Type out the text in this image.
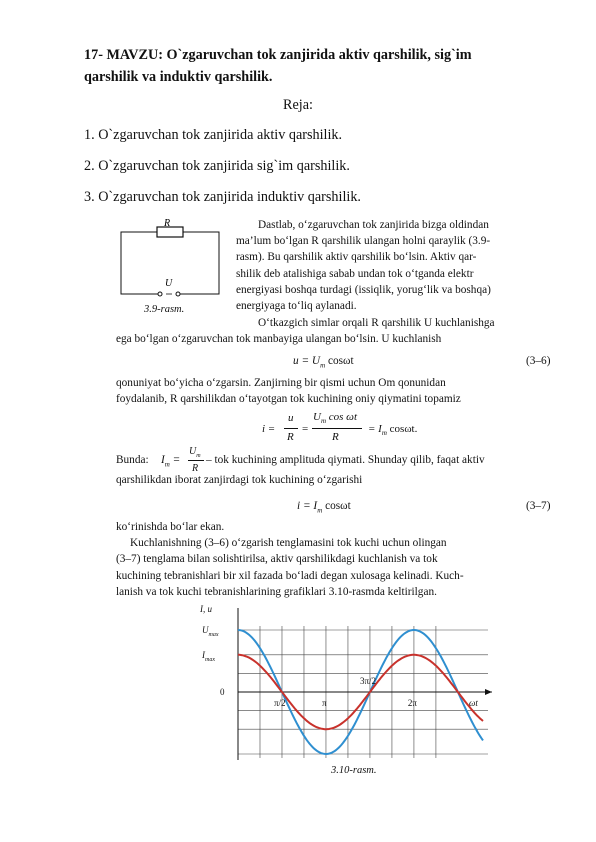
17- MAVZU: O`zgaruvchan tok zanjirida aktiv qarshilik, sig`im
qarshilik va induktiv qarshilik.
Reja:
1. O`zgaruvchan tok zanjirida aktiv qarshilik.
2. O`zgaruvchan tok zanjirida sig`im qarshilik.
3. O`zgaruvchan tok zanjirida induktiv qarshilik.
R
U
3.9-rasm.
Dastlab, o‘zgaruvchan tok zanjirida bizga oldindan
ma’lum bo‘lgan R qarshilik ulangan holni qaraylik (3.9-
rasm). Bu qarshilik aktiv qarshilik bo‘lsin. Aktiv qar-
shilik deb atalishiga sabab undan tok o‘tganda elektr
energiyasi boshqa turdagi (issiqlik, yorug‘lik va boshqa)
energiyaga to‘liq aylanadi.
O‘tkazgich simlar orqali R qarshilik U kuchlanishga
ega bo‘lgan o‘zgaruvchan tok manbayiga ulangan bo‘lsin. U kuchlanish
$u = U_m$ cosωt	(3–6)
qonuniyat bo‘yicha o‘zgarsin. Zanjirning bir qismi uchun Om qonunidan
foydalanib, R qarshilikdan o‘tayotgan tok kuchining oniy qiymatini topamiz
i =
u
R
=
$U_m$ cos ωt
R
= $I_m$ cosωt.
Bunda: $I_m$ =
$U_m$
R
– tok kuchining amplituda qiymati. Shunday qilib, faqat aktiv
qarshilikdan iborat zanjirdagi tok kuchining o‘zgarishi
$i = I_m$ cosωt	(3–7)
ko‘rinishda bo‘lar ekan.
Kuchlanishning (3–6) o‘zgarish tenglamasini tok kuchi uchun olingan
(3–7) tenglama bilan solishtirilsa, aktiv qarshilikdagi kuchlanish va tok
kuchining tebranishlari bir xil fazada bo‘ladi degan xulosaga kelinadi. Kuch-
lanish va tok kuchi tebranishlarining grafiklari 3.10-rasmda keltirilgan.
I, u
$U_{max}$
$I_{max}$
0
ωt
π/2	π
3π/2
2π
3.10-rasm.
